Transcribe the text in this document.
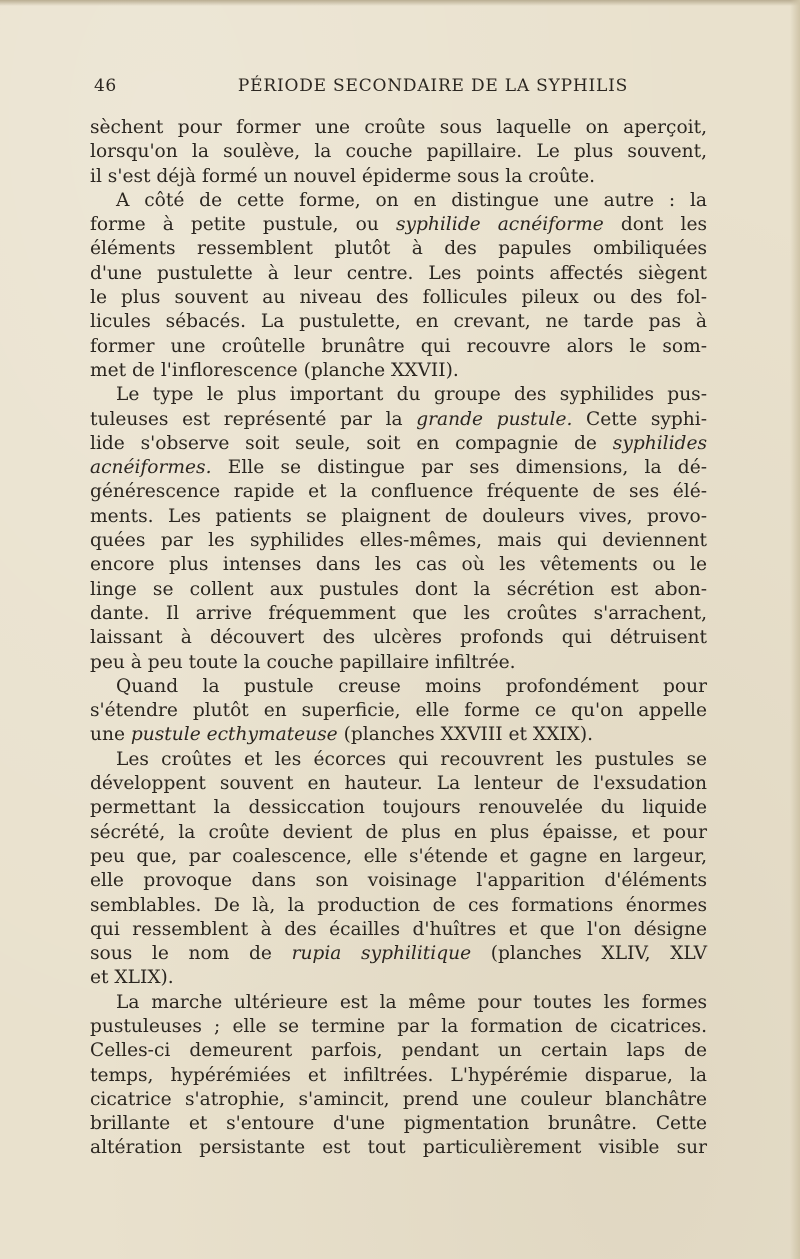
46	PÉRIODE SECONDAIRE DE LA SYPHILIS
sèchent pour former une croûte sous laquelle on aperçoit,
lorsqu'on la soulève, la couche papillaire. Le plus souvent,
il s'est déjà formé un nouvel épiderme sous la croûte.
A côté de cette forme, on en distingue une autre : la
forme à petite pustule, ou syphilide acnéiforme dont les
éléments ressemblent plutôt à des papules ombiliquées
d'une pustulette à leur centre. Les points affectés siègent
le plus souvent au niveau des follicules pileux ou des fol-
licules sébacés. La pustulette, en crevant, ne tarde pas à
former une croûtelle brunâtre qui recouvre alors le som-
met de l'inflorescence (planche XXVII).
Le type le plus important du groupe des syphilides pus-
tuleuses est représenté par la grande pustule. Cette syphi-
lide s'observe soit seule, soit en compagnie de syphilides
acnéiformes. Elle se distingue par ses dimensions, la dé-
générescence rapide et la confluence fréquente de ses élé-
ments. Les patients se plaignent de douleurs vives, provo-
quées par les syphilides elles-mêmes, mais qui deviennent
encore plus intenses dans les cas où les vêtements ou le
linge se collent aux pustules dont la sécrétion est abon-
dante. Il arrive fréquemment que les croûtes s'arrachent,
laissant à découvert des ulcères profonds qui détruisent
peu à peu toute la couche papillaire infiltrée.
Quand la pustule creuse moins profondément pour
s'étendre plutôt en superficie, elle forme ce qu'on appelle
une pustule ecthymateuse (planches XXVIII et XXIX).
Les croûtes et les écorces qui recouvrent les pustules se
développent souvent en hauteur. La lenteur de l'exsudation
permettant la dessiccation toujours renouvelée du liquide
sécrété, la croûte devient de plus en plus épaisse, et pour
peu que, par coalescence, elle s'étende et gagne en largeur,
elle provoque dans son voisinage l'apparition d'éléments
semblables. De là, la production de ces formations énormes
qui ressemblent à des écailles d'huîtres et que l'on désigne
sous le nom de rupia syphilitique (planches XLIV, XLV
et XLIX).
La marche ultérieure est la même pour toutes les formes
pustuleuses ; elle se termine par la formation de cicatrices.
Celles-ci demeurent parfois, pendant un certain laps de
temps, hypérémiées et infiltrées. L'hypérémie disparue, la
cicatrice s'atrophie, s'amincit, prend une couleur blanchâtre
brillante et s'entoure d'une pigmentation brunâtre. Cette
altération persistante est tout particulièrement visible sur
